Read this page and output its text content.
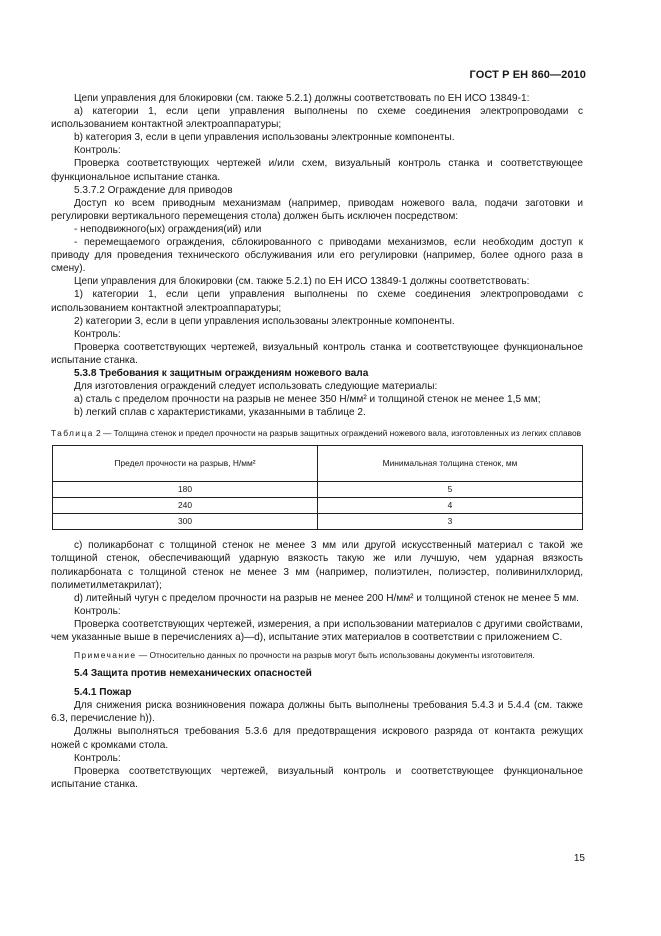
ГОСТ Р ЕН 860—2010

Цепи управления для блокировки (см. также 5.2.1) должны соответствовать по ЕН ИСО 13849-1:

a) категории 1, если цепи управления выполнены по схеме соединения электропроводами с использованием контактной электроаппаратуры;

b) категория 3, если в цепи управления использованы электронные компоненты.

Контроль:

Проверка соответствующих чертежей и/или схем, визуальный контроль станка и соответствующее функциональное испытание станка.

5.3.7.2 Ограждение для приводов

Доступ ко всем приводным механизмам (например, приводам ножевого вала, подачи заготовки и регулировки вертикального перемещения стола) должен быть исключен посредством:

- неподвижного(ых) ограждения(ий) или

- перемещаемого ограждения, сблокированного с приводами механизмов, если необходим доступ к приводу для проведения технического обслуживания или его регулировки (например, более одного раза в смену).

Цепи управления для блокировки (см. также 5.2.1) по ЕН ИСО 13849-1 должны соответствовать:

1) категории 1, если цепи управления выполнены по схеме соединения электропроводами с использованием контактной электроаппаратуры;

2) категории 3, если в цепи управления использованы электронные компоненты.

Контроль:

Проверка соответствующих чертежей, визуальный контроль станка и соответствующее функциональное испытание станка.

5.3.8 Требования к защитным ограждениям ножевого вала

Для изготовления ограждений следует использовать следующие материалы:

a) сталь с пределом прочности на разрыв не менее 350 Н/мм² и толщиной стенок не менее 1,5 мм;

b) легкий сплав с характеристиками, указанными в таблице 2.

Таблица 2 — Толщина стенок и предел прочности на разрыв защитных ограждений ножевого вала, изготовленных из легких сплавов

Предел прочности на разрыв, Н/мм²	Минимальная толщина стенок, мм
180	5
240	4
300	3

c) поликарбонат с толщиной стенок не менее 3 мм или другой искусственный материал с такой же толщиной стенок, обеспечивающий ударную вязкость такую же или лучшую, чем ударная вязкость поликарбоната с толщиной стенок не менее 3 мм (например, полиэтилен, полиэстер, поливинилхлорид, полиметилметакрилат);

d) литейный чугун с пределом прочности на разрыв не менее 200 Н/мм² и толщиной стенок не менее 5 мм.

Контроль:

Проверка соответствующих чертежей, измерения, а при использовании материалов с другими свойствами, чем указанные выше в перечислениях a)—d), испытание этих материалов в соответствии с приложением С.

Примечание — Относительно данных по прочности на разрыв могут быть использованы документы изготовителя.

5.4 Защита против немеханических опасностей

5.4.1 Пожар

Для снижения риска возникновения пожара должны быть выполнены требования 5.4.3 и 5.4.4 (см. также 6.3, перечисление h)).

Должны выполняться требования 5.3.6 для предотвращения искрового разряда от контакта режущих ножей с кромками стола.

Контроль:

Проверка соответствующих чертежей, визуальный контроль и соответствующее функциональное испытание станка.

15
